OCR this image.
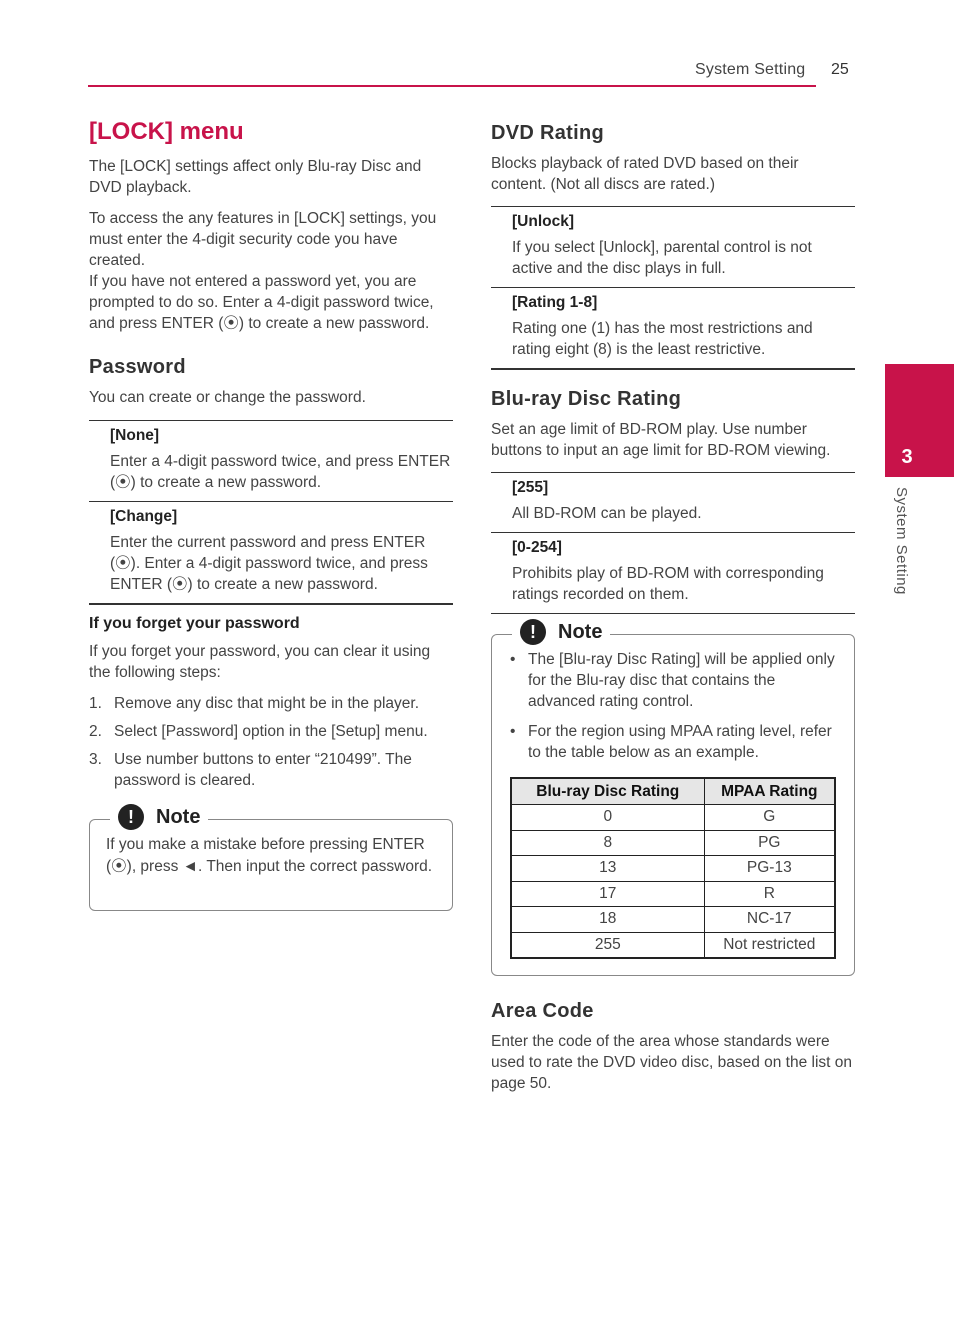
System Setting 25
3
System Setting
[LOCK] menu

The [LOCK] settings affect only Blu-ray Disc and DVD playback.

To access the any features in [LOCK] settings, you must enter the 4-digit security code you have created.

If you have not entered a password yet, you are prompted to do so. Enter a 4-digit password twice, and press ENTER (⦿) to create a new password.

Password

You can create or change the password.

[None]
Enter a 4-digit password twice, and press ENTER (⦿) to create a new password.
[Change]
Enter the current password and press ENTER (⦿). Enter a 4-digit password twice, and press ENTER (⦿) to create a new password.
If you forget your password

If you forget your password, you can clear it using the following steps:

1. Remove any disc that might be in the player.
2. Select [Password] option in the [Setup] menu.
3. Use number buttons to enter “210499”. The password is cleared.
!	Note
If you make a mistake before pressing ENTER (⦿), press ◄. Then input the correct password.
DVD Rating

Blocks playback of rated DVD based on their content. (Not all discs are rated.)

[Unlock]
If you select [Unlock], parental control is not active and the disc plays in full.
[Rating 1-8]
Rating one (1) has the most restrictions and rating eight (8) is the least restrictive.
Blu-ray Disc Rating

Set an age limit of BD-ROM play. Use number buttons to input an age limit for BD-ROM viewing.

[255]
All BD-ROM can be played.
[0-254]
Prohibits play of BD-ROM with corresponding ratings recorded on them.
!	Note
• The [Blu-ray Disc Rating] will be applied only for the Blu-ray disc that contains the advanced rating control.
• For the region using MPAA rating level, refer to the table below as an example.
Blu-ray Disc Rating	MPAA Rating
0	G
8	PG
13	PG-13
17	R
18	NC-17
255	Not restricted
Area Code

Enter the code of the area whose standards were used to rate the DVD video disc, based on the list on page 50.
